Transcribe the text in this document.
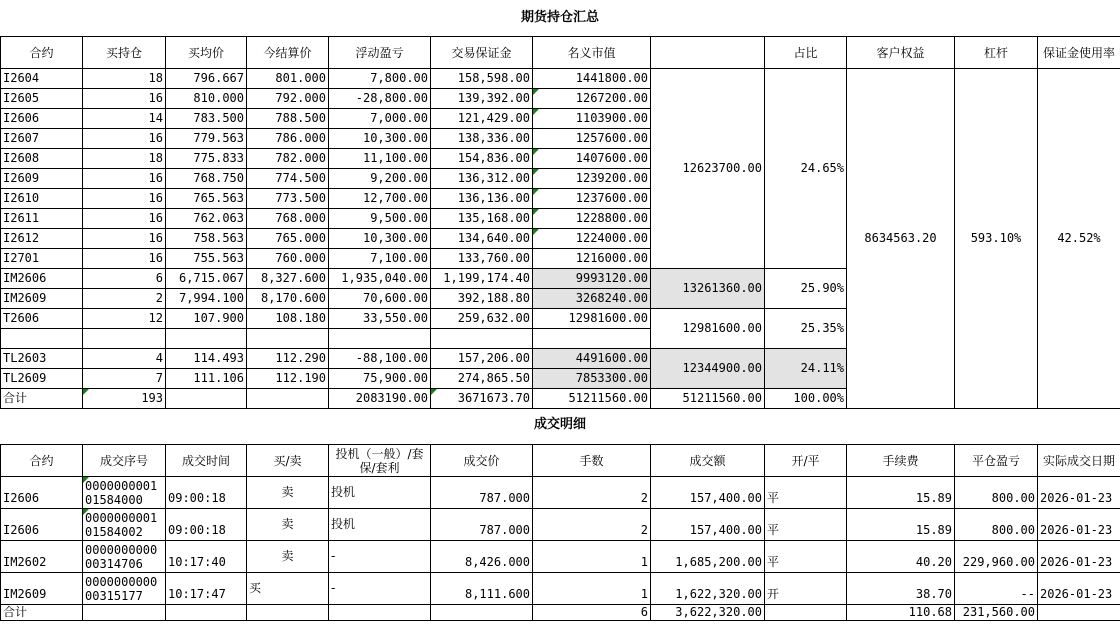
期货持仓汇总
合约	买持仓	买均价	今结算价	浮动盈亏	交易保证金	名义市值		占比	客户权益	杠杆	保证金使用率
I2604	18	796.667	801.000	7,800.00	158,598.00	1441800.00	12623700.00	24.65%	8634563.20	593.10%	42.52%
I2605	16	810.000	792.000	-28,800.00	139,392.00	1267200.00					
I2606	14	783.500	788.500	7,000.00	121,429.00	1103900.00					
I2607	16	779.563	786.000	10,300.00	138,336.00	1257600.00					
I2608	18	775.833	782.000	11,100.00	154,836.00	1407600.00					
I2609	16	768.750	774.500	9,200.00	136,312.00	1239200.00					
I2610	16	765.563	773.500	12,700.00	136,136.00	1237600.00					
I2611	16	762.063	768.000	9,500.00	135,168.00	1228800.00					
I2612	16	758.563	765.000	10,300.00	134,640.00	1224000.00					
I2701	16	755.563	760.000	7,100.00	133,760.00	1216000.00					
IM2606	6	6,715.067	8,327.600	1,935,040.00	1,199,174.40	9993120.00	13261360.00	25.90%			
IM2609	2	7,994.100	8,170.600	70,600.00	392,188.80	3268240.00					
T2606	12	107.900	108.180	33,550.00	259,632.00	12981600.00	12981600.00	25.35%			

TL2603	4	114.493	112.290	-88,100.00	157,206.00	4491600.00	12344900.00	24.11%			
TL2609	7	111.106	112.190	75,900.00	274,865.50	7853300.00					
合计	193			2083190.00	3671673.70	51211560.00	51211560.00	100.00%			
成交明细
合约	成交序号	成交时间	买/卖	投机（一般）/套保/套利	成交价	手数	成交额	开/平	手续费	平仓盈亏	实际成交日期
I2606	000000000101584000	09:00:18	卖	投机	787.000	2	157,400.00	平	15.89	800.00	2026-01-23
I2606	000000000101584002	09:00:18	卖	投机	787.000	2	157,400.00	平	15.89	800.00	2026-01-23
IM2602	000000000000314706	10:17:40	卖	-	8,426.000	1	1,685,200.00	平	40.20	229,960.00	2026-01-23
IM2609	000000000000315177	10:17:47	买	-	8,111.600	1	1,622,320.00	开	38.70	--	2026-01-23
合计						6	3,622,320.00		110.68	231,560.00	
